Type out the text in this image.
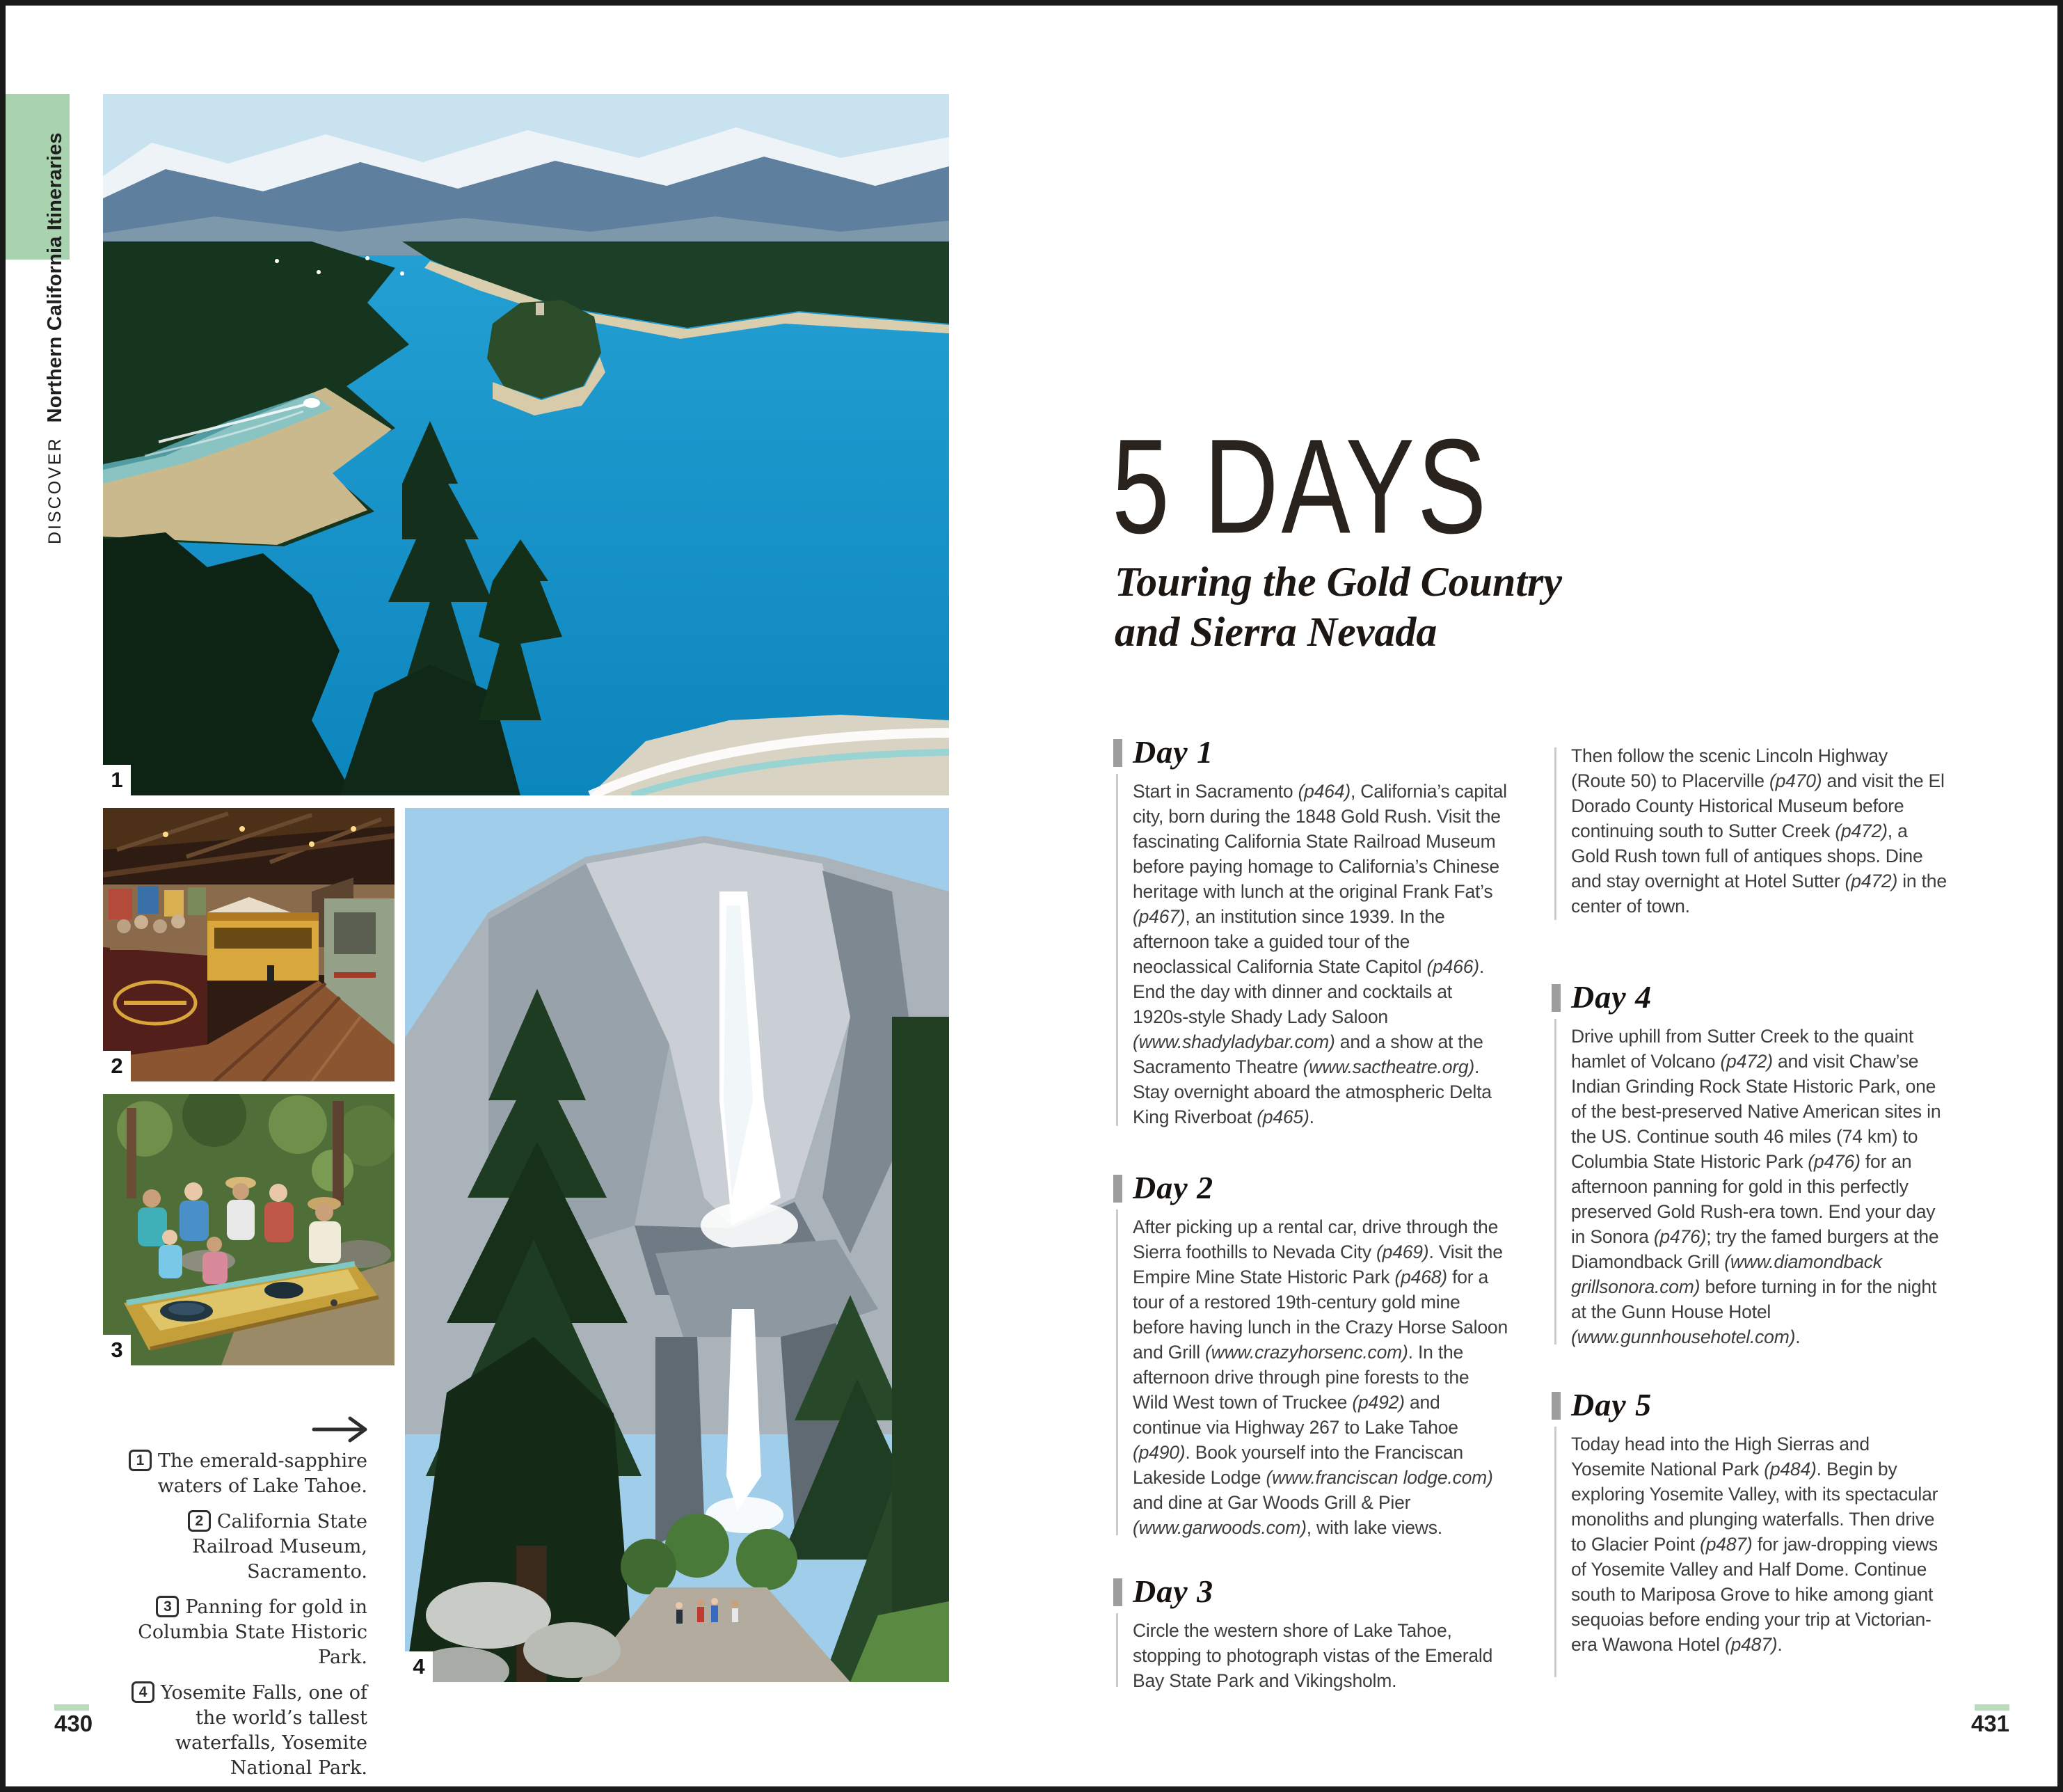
DISCOVER
Northern California Itineraries
1
2
3
4
1 The emerald-sapphire waters of Lake Tahoe.
2 California State Railroad Museum, Sacramento.
3 Panning for gold in Columbia State Historic Park.
4 Yosemite Falls, one of the world’s tallest waterfalls, Yosemite National Park.
430
5 DAYS
Touring the Gold Country
and Sierra Nevada
Day 1
Start in Sacramento (p464), California’s capital city, born during the 1848 Gold Rush. Visit the fascinating California State Railroad Museum before paying homage to California’s Chinese heritage with lunch at the original Frank Fat’s (p467), an institution since 1939. In the afternoon take a guided tour of the neoclassical California State Capitol (p466). End the day with dinner and cocktails at 1920s-style Shady Lady Saloon (www.shadyladybar.com) and a show at the Sacramento Theatre (www.sactheatre.org). Stay overnight aboard the atmospheric Delta King Riverboat (p465).
Day 2
After picking up a rental car, drive through the Sierra foothills to Nevada City (p469). Visit the Empire Mine State Historic Park (p468) for a tour of a restored 19th-century gold mine before having lunch in the Crazy Horse Saloon and Grill (www.crazyhorsenc.com). In the afternoon drive through pine forests to the Wild West town of Truckee (p492) and continue via Highway 267 to Lake Tahoe (p490). Book yourself into the Franciscan Lakeside Lodge (www.franciscan lodge.com) and dine at Gar Woods Grill & Pier (www.garwoods.com), with lake views.
Day 3
Circle the western shore of Lake Tahoe, stopping to photograph vistas of the Emerald Bay State Park and Vikingsholm.
Then follow the scenic Lincoln Highway (Route 50) to Placerville (p470) and visit the El Dorado County Historical Museum before continuing south to Sutter Creek (p472), a Gold Rush town full of antiques shops. Dine and stay overnight at Hotel Sutter (p472) in the center of town.
Day 4
Drive uphill from Sutter Creek to the quaint hamlet of Volcano (p472) and visit Chaw’se Indian Grinding Rock State Historic Park, one of the best-preserved Native American sites in the US. Continue south 46 miles (74 km) to Columbia State Historic Park (p476) for an afternoon panning for gold in this perfectly preserved Gold Rush-era town. End your day in Sonora (p476); try the famed burgers at the Diamondback Grill (www.diamondback grillsonora.com) before turning in for the night at the Gunn House Hotel (www.gunnhousehotel.com).
Day 5
Today head into the High Sierras and Yosemite National Park (p484). Begin by exploring Yosemite Valley, with its spectacular monoliths and plunging waterfalls. Then drive to Glacier Point (p487) for jaw-dropping views of Yosemite Valley and Half Dome. Continue south to Mariposa Grove to hike among giant sequoias before ending your trip at Victorian-era Wawona Hotel (p487).
431
